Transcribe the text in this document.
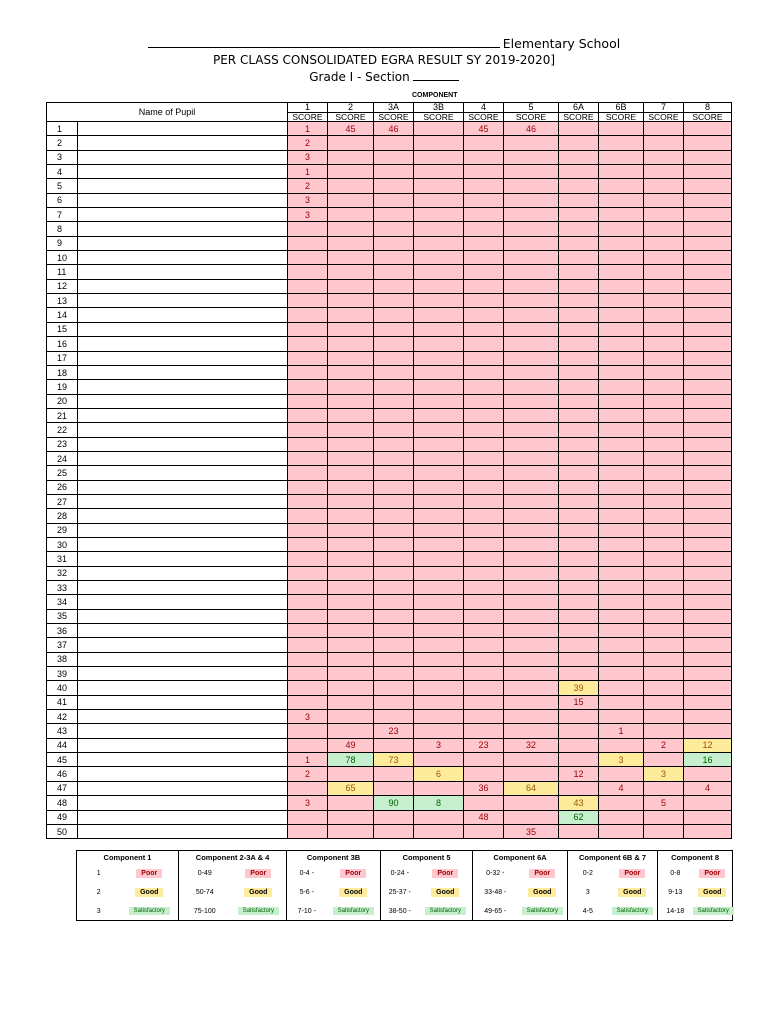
Elementary School
PER CLASS CONSOLIDATED EGRA RESULT SY 2019-2020]
Grade I - Section
COMPONENT
Name of Pupil		1	2	3A	3B	4	5	6A	6B	7	8
		SCORE	SCORE	SCORE	SCORE	SCORE	SCORE	SCORE	SCORE	SCORE	SCORE
1		1	45	46		45	46				
2		2									
3		3									
4		1									
5		2									
6		3									
7		3									
8											
9											
10											
11											
12											
13											
14											
15											
16											
17											
18											
19											
20											
21											
22											
23											
24											
25											
26											
27											
28											
29											
30											
31											
32											
33											
34											
35											
36											
37											
38											
39											
40								39			
41								15			
42		3									
43				23					1		
44			49		3	23	32			2	12
45		1	78	73					3		16
46		2			6			12		3	
47			65			36	64		4		4
48		3		90	8			43		5	
49						48		62			
50							35				
Component 1		Component 2-3A & 4		Component 3B		Component 5		Component 6A		Component 6B & 7		Component 8	
1	Poor	0-49	Poor	0-4 -	Poor	0-24 -	Poor	0-32 -	Poor	0-2	Poor	0-8	Poor
2	Good	50-74	Good	5-6 -	Good	25-37 -	Good	33-48 -	Good	3	Good	9-13	Good
3	Satisfactory	75-100	Satisfactory	7-10 -	Satisfactory	38-50 -	Satisfactory	49-65 -	Satisfactory	4-5	Satisfactory	14-18	Satisfactory
